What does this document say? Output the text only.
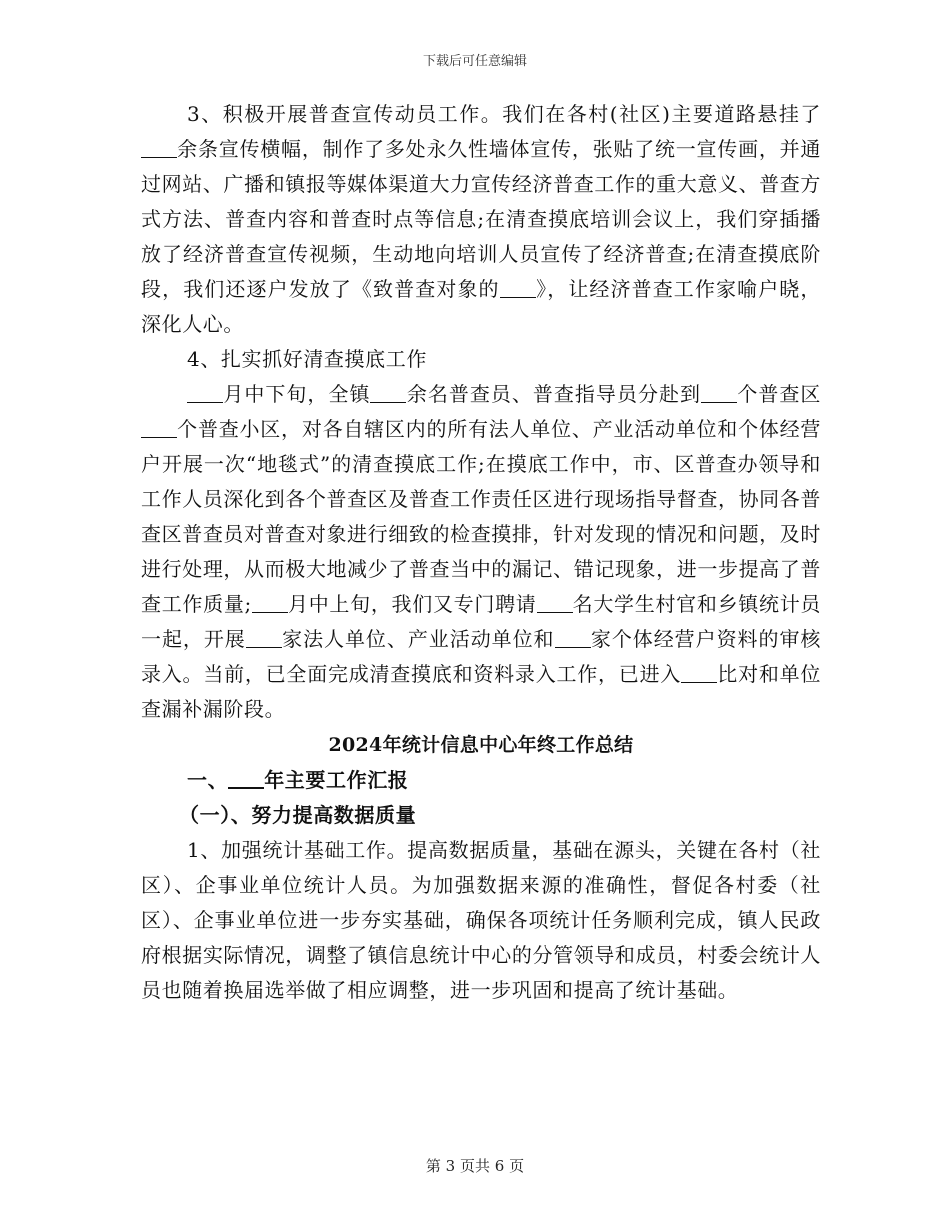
下载后可任意编辑

3、积极开展普查宣传动员工作。我们在各村(社区)主要道路悬挂了余条宣传横幅，制作了多处永久性墙体宣传，张贴了统一宣传画，并通过网站、广播和镇报等媒体渠道大力宣传经济普查工作的重大意义、普查方式方法、普查内容和普查时点等信息;在清查摸底培训会议上，我们穿插播放了经济普查宣传视频，生动地向培训人员宣传了经济普查;在清查摸底阶段，我们还逐户发放了《致普查对象的 》，让经济普查工作家喻户晓，深化人心。

4、扎实抓好清查摸底工作

月中下旬，全镇 余名普查员、普查指导员分赴到 个普查区个普查小区，对各自辖区内的所有法人单位、产业活动单位和个体经营户开展一次“地毯式”的清查摸底工作;在摸底工作中，市、区普查办领导和工作人员深化到各个普查区及普查工作责任区进行现场指导督查，协同各普查区普查员对普查对象进行细致的检查摸排，针对发现的情况和问题，及时进行处理，从而极大地减少了普查当中的漏记、错记现象，进一步提高了普查工作质量; 月中上旬，我们又专门聘请 名大学生村官和乡镇统计员一起，开展 家法人单位、产业活动单位和 家个体经营户资料的审核录入。当前，已全面完成清查摸底和资料录入工作，已进入 比对和单位查漏补漏阶段。

2024年统计信息中心年终工作总结
一、 年主要工作汇报
（一）、努力提高数据质量

1、加强统计基础工作。提高数据质量，基础在源头，关键在各村（社区）、企事业单位统计人员。为加强数据来源的准确性，督促各村委（社区）、企事业单位进一步夯实基础，确保各项统计任务顺利完成，镇人民政府根据实际情况，调整了镇信息统计中心的分管领导和成员，村委会统计人员也随着换届选举做了相应调整，进一步巩固和提高了统计基础。

第 3 页共 6 页
